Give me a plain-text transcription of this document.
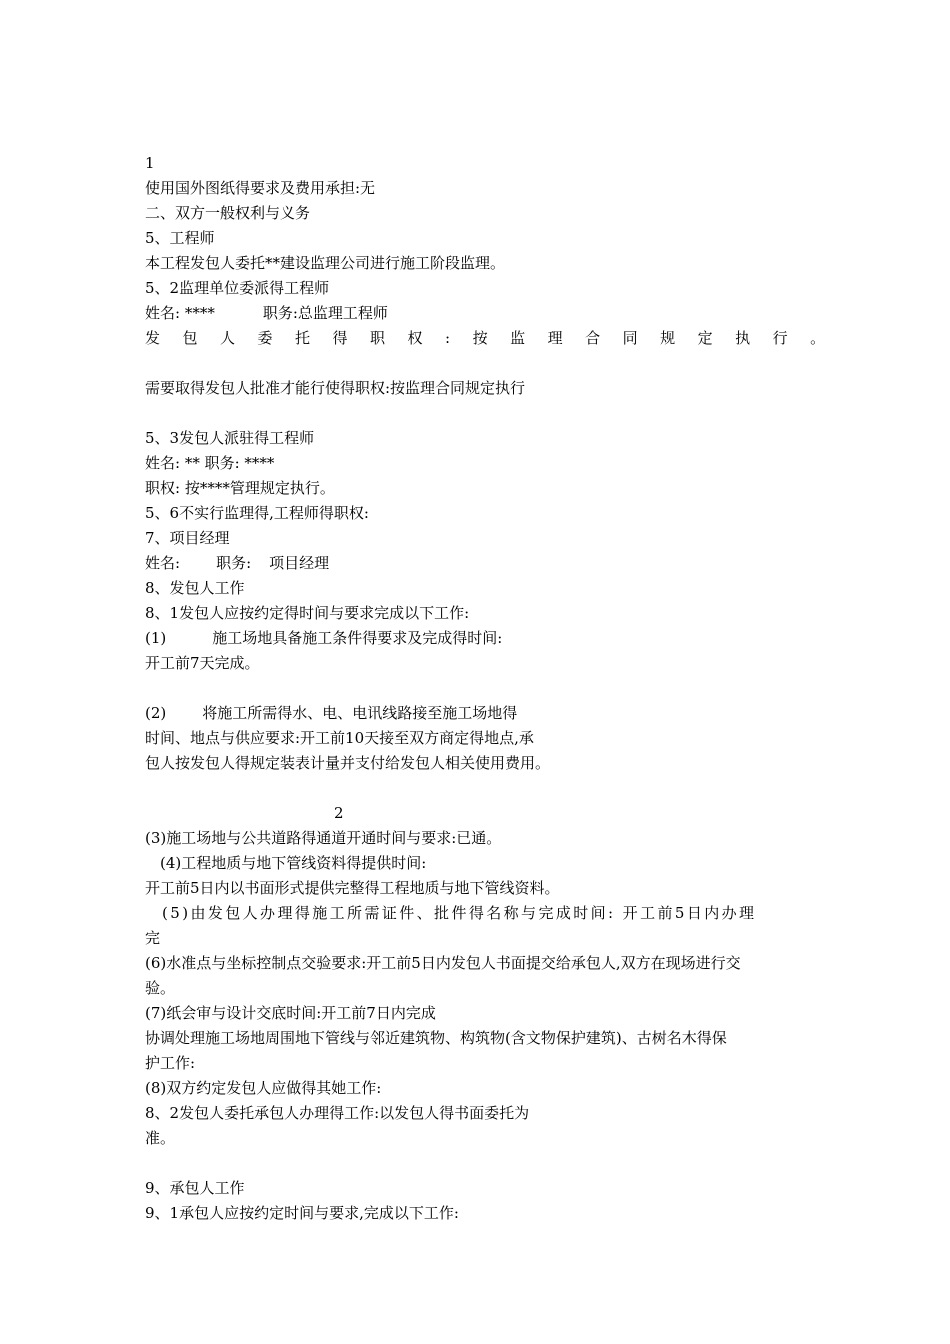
1
使用国外图纸得要求及费用承担:无
二、双方一般权利与义务
5、工程师
本工程发包人委托**建设监理公司进行施工阶段监理。
5、2监理单位委派得工程师
姓名: ****	职务:总监理工程师
发包人委托得职权: 按监理合同规定执行。
需要取得发包人批准才能行使得职权:按监理合同规定执行
5、3发包人派驻得工程师
姓名: ** 职务: ****
职权: 按****管理规定执行。
5、6不实行监理得,工程师得职权:
7、项目经理
姓名: 职务: 项目经理
8、发包人工作
8、1发包人应按约定得时间与要求完成以下工作:
(1)	施工场地具备施工条件得要求及完成得时间:
开工前7天完成。
(2) 将施工所需得水、电、电讯线路接至施工场地得
时间、地点与供应要求:开工前10天接至双方商定得地点,承
包人按发包人得规定装表计量并支付给发包人相关使用费用。
2
(3)施工场地与公共道路得通道开通时间与要求:已通。
(4)工程地质与地下管线资料得提供时间:
开工前5日内以书面形式提供完整得工程地质与地下管线资料。
(5)由发包人办理得施工所需证件、批件得名称与完成时间: 开工前5日内办理
完
(6)水准点与坐标控制点交验要求:开工前5日内发包人书面提交给承包人,双方在现场进行交
验。
(7)纸会审与设计交底时间:开工前7日内完成
协调处理施工场地周围地下管线与邻近建筑物、构筑物(含文物保护建筑)、古树名木得保
护工作:
(8)双方约定发包人应做得其她工作:
8、2发包人委托承包人办理得工作:以发包人得书面委托为
准。
9、承包人工作
9、1承包人应按约定时间与要求,完成以下工作:
